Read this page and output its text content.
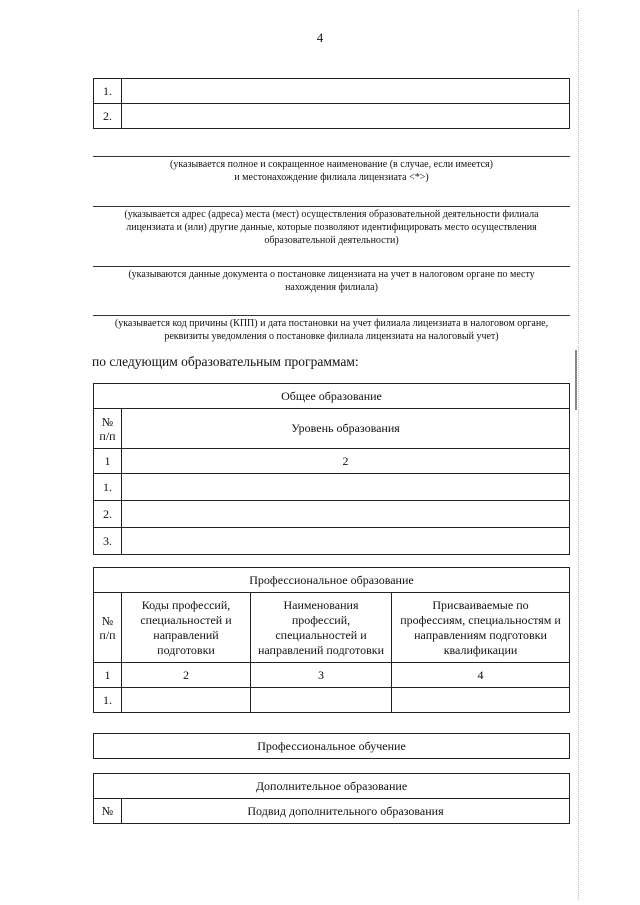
4
1.	
2.	
(указывается полное и сокращенное наименование (в случае, если имеется)
и местонахождение филиала лицензиата <*>)
(указывается адрес (адреса) места (мест) осуществления образовательной деятельности филиала
лицензиата и (или) другие данные, которые позволяют идентифицировать место осуществления
образовательной деятельности)
(указываются данные документа о постановке лицензиата на учет в налоговом органе по месту
нахождения филиала)
(указывается код причины (КПП) и дата постановки на учет филиала лицензиата в налоговом органе,
реквизиты уведомления о постановке филиала лицензиата на налоговый учет)
по следующим образовательным программам:
Общее образование	
№
п/п	Уровень образования
1	2
1.	
2.	
3.	
Профессиональное образование			
№
п/п	Коды профессий,
специальностей и
направлений
подготовки	Наименования
профессий,
специальностей и
направлений подготовки	Присваиваемые по
профессиям, специальностям и
направлениям подготовки
квалификации
1	2	3	4
1.			
Профессиональное обучение
Дополнительное образование
№	Подвид дополнительного образования
